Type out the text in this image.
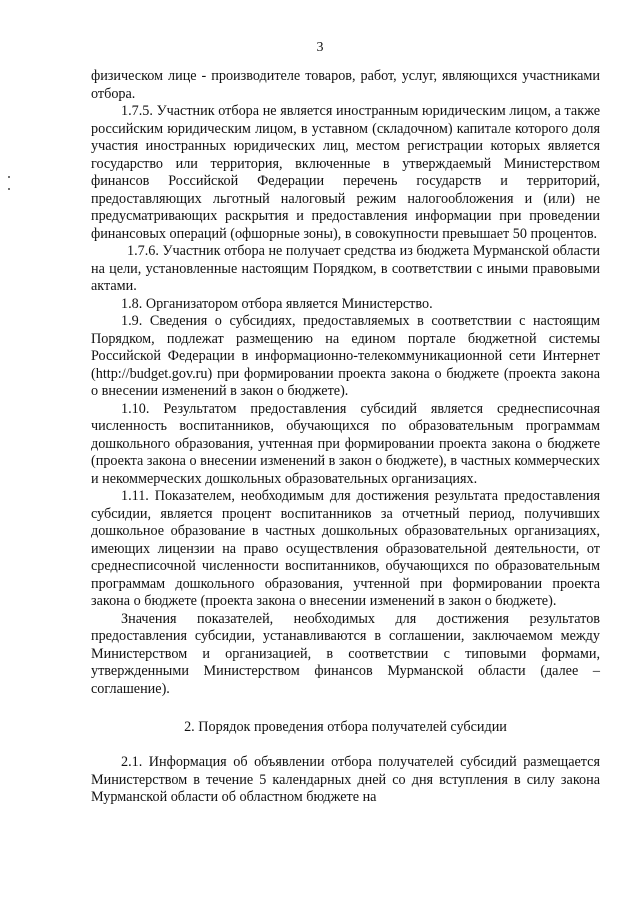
3

физическом лице - производителе товаров, работ, услуг, являющихся участниками отбора.

1.7.5. Участник отбора не является иностранным юридическим лицом, а также российским юридическим лицом, в уставном (складочном) капитале которого доля участия иностранных юридических лиц, местом регистрации которых является государство или территория, включенные в утверждаемый Министерством финансов Российской Федерации перечень государств и территорий, предоставляющих льготный налоговый режим налогообложения и (или) не предусматривающих раскрытия и предоставления информации при проведении финансовых операций (офшорные зоны), в совокупности превышает 50 процентов.

1.7.6. Участник отбора не получает средства из бюджета Мурманской области на цели, установленные настоящим Порядком, в соответствии с иными правовыми актами.

1.8. Организатором отбора является Министерство.

1.9. Сведения о субсидиях, предоставляемых в соответствии с настоящим Порядком, подлежат размещению на едином портале бюджетной системы Российской Федерации в информационно-телекоммуникационной сети Интернет (http://budget.gov.ru) при формировании проекта закона о бюджете (проекта закона о внесении изменений в закон о бюджете).

1.10. Результатом предоставления субсидий является среднесписочная численность воспитанников, обучающихся по образовательным программам дошкольного образования, учтенная при формировании проекта закона о бюджете (проекта закона о внесении изменений в закон о бюджете), в частных коммерческих и некоммерческих дошкольных образовательных организациях.

1.11. Показателем, необходимым для достижения результата предоставления субсидии, является процент воспитанников за отчетный период, получивших дошкольное образование в частных дошкольных образовательных организациях, имеющих лицензии на право осуществления образовательной деятельности, от среднесписочной численности воспитанников, обучающихся по образовательным программам дошкольного образования, учтенной при формировании проекта закона о бюджете (проекта закона о внесении изменений в закон о бюджете).

Значения показателей, необходимых для достижения результатов предоставления субсидии, устанавливаются в соглашении, заключаемом между Министерством и организацией, в соответствии с типовыми формами, утвержденными Министерством финансов Мурманской области (далее – соглашение).

2. Порядок проведения отбора получателей субсидии

2.1. Информация об объявлении отбора получателей субсидий размещается Министерством в течение 5 календарных дней со дня вступления в силу закона Мурманской области об областном бюджете на
